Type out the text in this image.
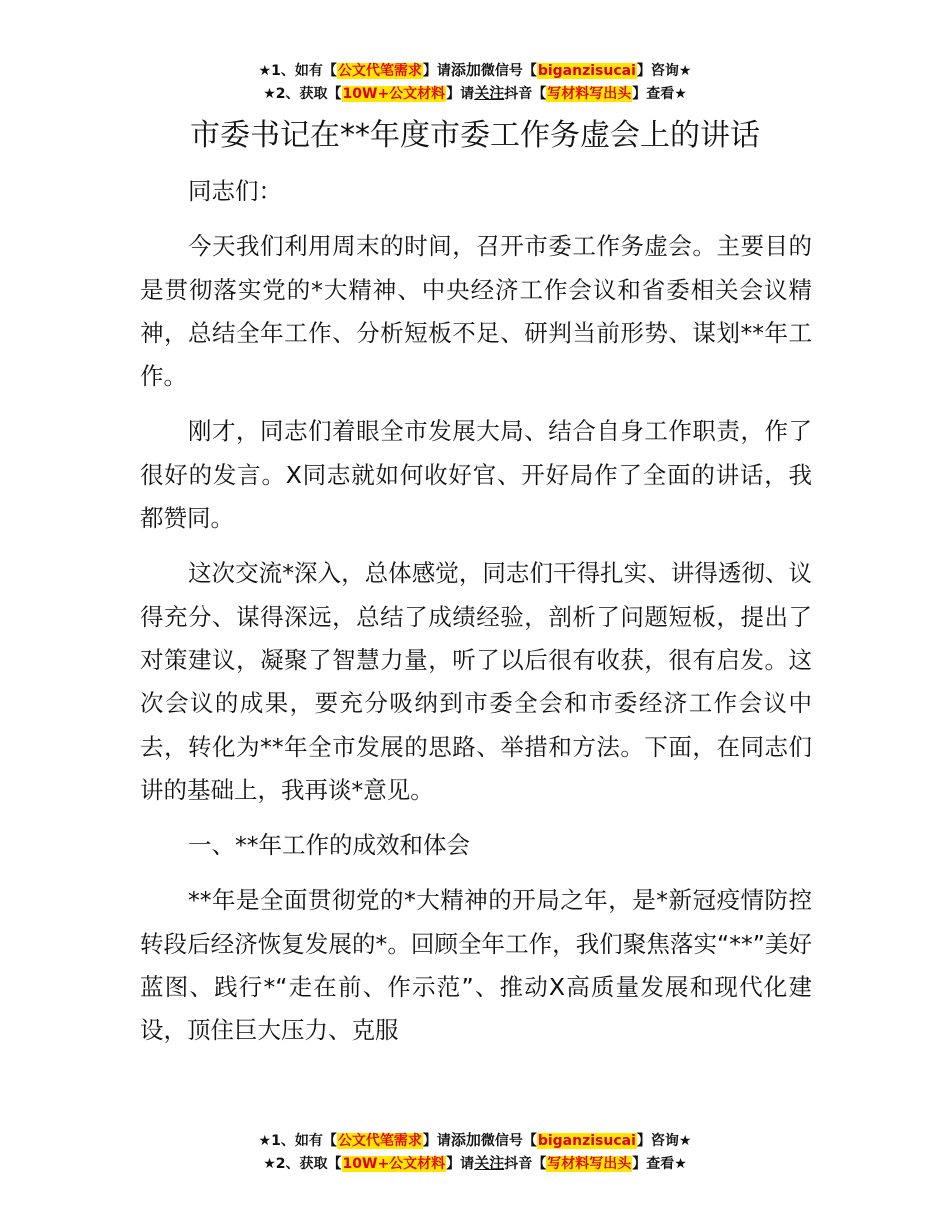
★1、如有【公文代笔需求】请添加微信号【biganzisucai】咨询★
★2、获取【10W+公文材料】请关注抖音【写材料写出头】查看★
市委书记在**年度市委工作务虚会上的讲话

同志们：

今天我们利用周末的时间，召开市委工作务虚会。主要目的是贯彻落实党的*大精神、中央经济工作会议和省委相关会议精神，总结全年工作、分析短板不足、研判当前形势、谋划**年工作。

刚才，同志们着眼全市发展大局、结合自身工作职责，作了很好的发言。X同志就如何收好官、开好局作了全面的讲话，我都赞同。

这次交流*深入，总体感觉，同志们干得扎实、讲得透彻、议得充分、谋得深远，总结了成绩经验，剖析了问题短板，提出了对策建议，凝聚了智慧力量，听了以后很有收获，很有启发。这次会议的成果，要充分吸纳到市委全会和市委经济工作会议中去，转化为**年全市发展的思路、举措和方法。下面，在同志们讲的基础上，我再谈*意见。

一、**年工作的成效和体会

**年是全面贯彻党的*大精神的开局之年，是*新冠疫情防控转段后经济恢复发展的*。回顾全年工作，我们聚焦落实“**”美好蓝图、践行*“走在前、作示范”、推动X高质量发展和现代化建设，顶住巨大压力、克服

★1、如有【公文代笔需求】请添加微信号【biganzisucai】咨询★
★2、获取【10W+公文材料】请关注抖音【写材料写出头】查看★
